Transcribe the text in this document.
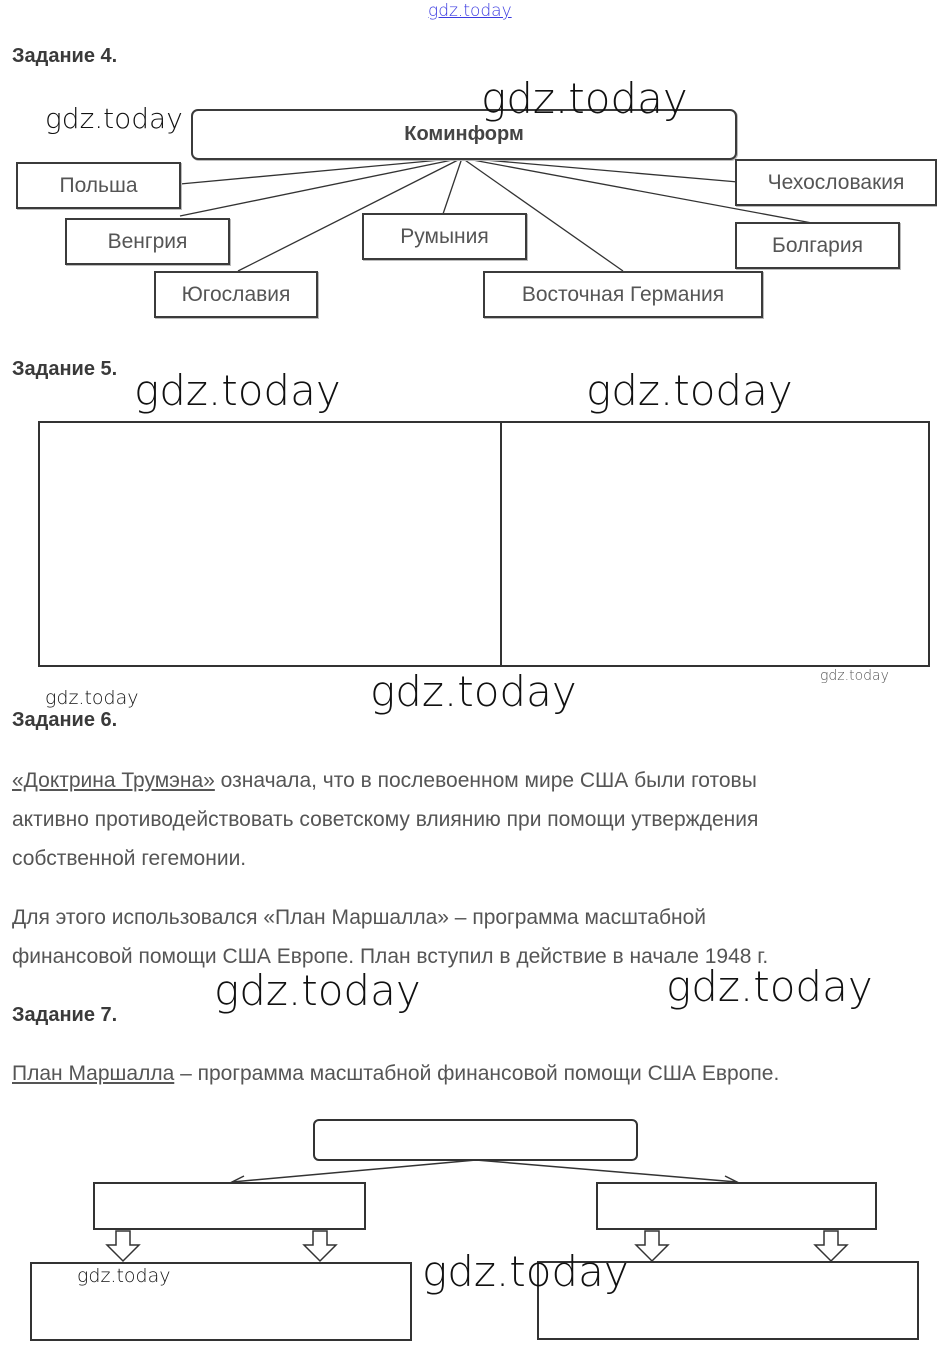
gdz.today
Задание 4.
Коминформ
Польша
Венгрия
Югославия
Румыния
Восточная Германия
Чехословакия
Болгария
gdz.today	gdz.today
Задание 5. gdz.today	gdz.today
gdz.today
gdz.today	gdz.today
Задание 6.
«Доктрина Трумэна» означала, что в послевоенном мире США были готовы
активно противодействовать советскому влиянию при помощи утверждения
собственной гегемонии.
Для этого использовался «План Маршалла» – программа масштабной
финансовой помощи США Европе. План вступил в действие в начале 1948 г.
gdz.today	gdz.today
Задание 7.
План Маршалла – программа масштабной финансовой помощи США Европе.
gdz.today	gdz.today
